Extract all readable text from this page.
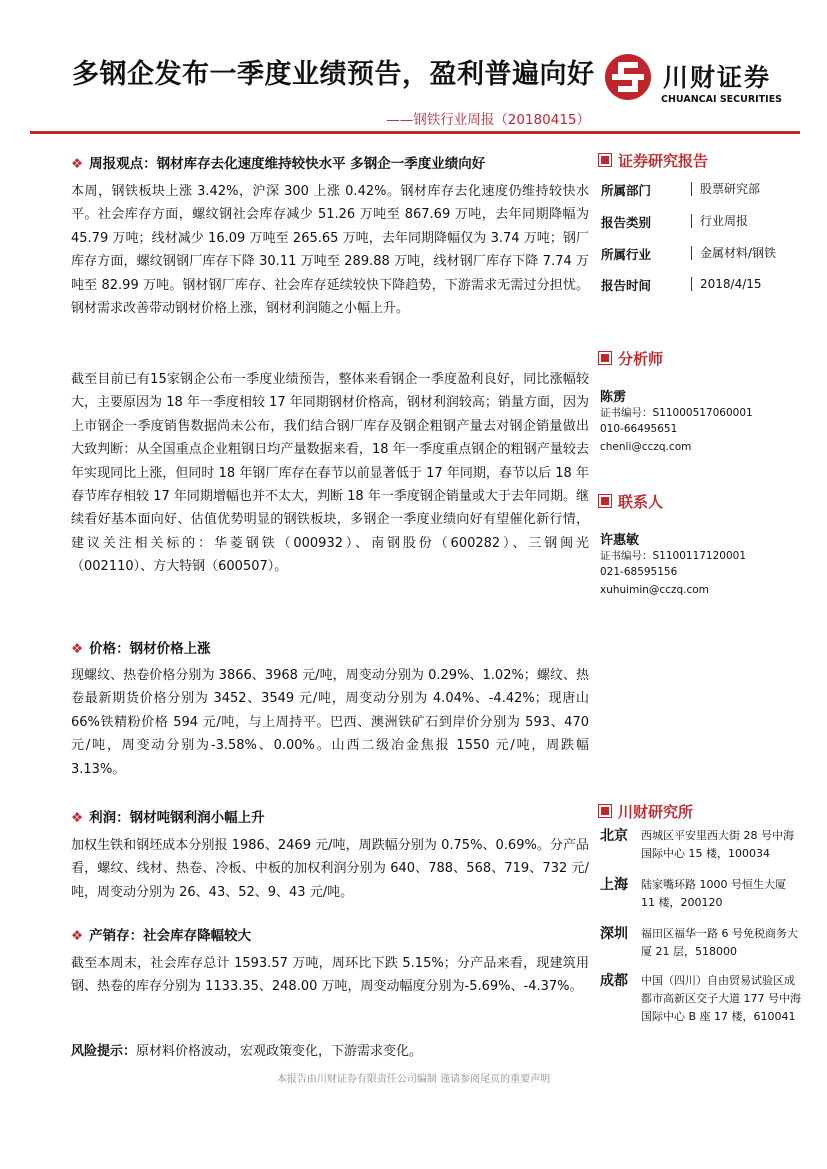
多钢企发布一季度业绩预告，盈利普遍向好
——钢铁行业周报（20180415）
川财证券
CHUANCAI SECURITIES
❖ 周报观点：钢材库存去化速度维持较快水平 多钢企一季度业绩向好
本周，钢铁板块上涨 3.42%，沪深 300 上涨 0.42%。钢材库存去化速度仍维持较快水平。社会库存方面，螺纹钢社会库存减少 51.26 万吨至 867.69 万吨，去年同期降幅为 45.79 万吨；线材减少 16.09 万吨至 265.65 万吨，去年同期降幅仅为 3.74 万吨；钢厂库存方面，螺纹钢钢厂库存下降 30.11 万吨至 289.88 万吨，线材钢厂库存下降 7.74 万吨至 82.99 万吨。钢材钢厂库存、社会库存延续较快下降趋势，下游需求无需过分担忧。钢材需求改善带动钢材价格上涨，钢材利润随之小幅上升。
截至目前已有15家钢企公布一季度业绩预告，整体来看钢企一季度盈利良好，同比涨幅较大，主要原因为 18 年一季度相较 17 年同期钢材价格高，钢材利润较高；销量方面，因为上市钢企一季度销售数据尚未公布，我们结合钢厂库存及钢企粗钢产量去对钢企销量做出大致判断：从全国重点企业粗钢日均产量数据来看，18 年一季度重点钢企的粗钢产量较去年实现同比上涨，但同时 18 年钢厂库存在春节以前显著低于 17 年同期，春节以后 18 年春节库存相较 17 年同期增幅也并不太大，判断 18 年一季度钢企销量或大于去年同期。继续看好基本面向好、估值优势明显的钢铁板块，多钢企一季度业绩向好有望催化新行情，建议关注相关标的：华菱钢铁（000932）、南钢股份（600282）、三钢闽光（002110）、方大特钢（600507）。
❖ 价格：钢材价格上涨
现螺纹、热卷价格分别为 3866、3968 元/吨，周变动分别为 0.29%、1.02%；螺纹、热卷最新期货价格分别为 3452、3549 元/吨，周变动分别为 4.04%、-4.42%；现唐山 66%铁精粉价格 594 元/吨，与上周持平。巴西、澳洲铁矿石到岸价分别为 593、470 元/吨，周变动分别为-3.58%、0.00%。山西二级冶金焦报 1550 元/吨，周跌幅 3.13%。
❖ 利润：钢材吨钢利润小幅上升
加权生铁和钢坯成本分别报 1986、2469 元/吨，周跌幅分别为 0.75%、0.69%。分产品看，螺纹、线材、热卷、冷板、中板的加权利润分别为 640、788、568、719、732 元/吨，周变动分别为 26、43、52、9、43 元/吨。
❖ 产销存：社会库存降幅较大
截至本周末，社会库存总计 1593.57 万吨，周环比下跌 5.15%；分产品来看，现建筑用钢、热卷的库存分别为 1133.35、248.00 万吨，周变动幅度分别为-5.69%、-4.37%。
风险提示：原材料价格波动，宏观政策变化，下游需求变化。
证券研究报告
所属部门	股票研究部
报告类别	行业周报
所属行业	金属材料/钢铁
报告时间	2018/4/15
分析师
陈雳
证书编号：S1100051706000​1
010-66495651
chenli@cczq.com
联系人
许惠敏
证书编号：S1100117120001
021-68595156
xuhuimin@cczq.com
川财研究所
北京 西城区平安里西大街 28 号中海国际中心 15 楼，100034
上海 陆家嘴环路 1000 号恒生大厦 11 楼，200120
深圳 福田区福华一路 6 号免税商务大厦 21 层，518000
成都 中国（四川）自由贸易试验区成都市高新区交子大道 177 号中海国际中心 B 座 17 楼，610041
本报告由川财证券有限责任公司编制 谨请参阅尾页的重要声明
